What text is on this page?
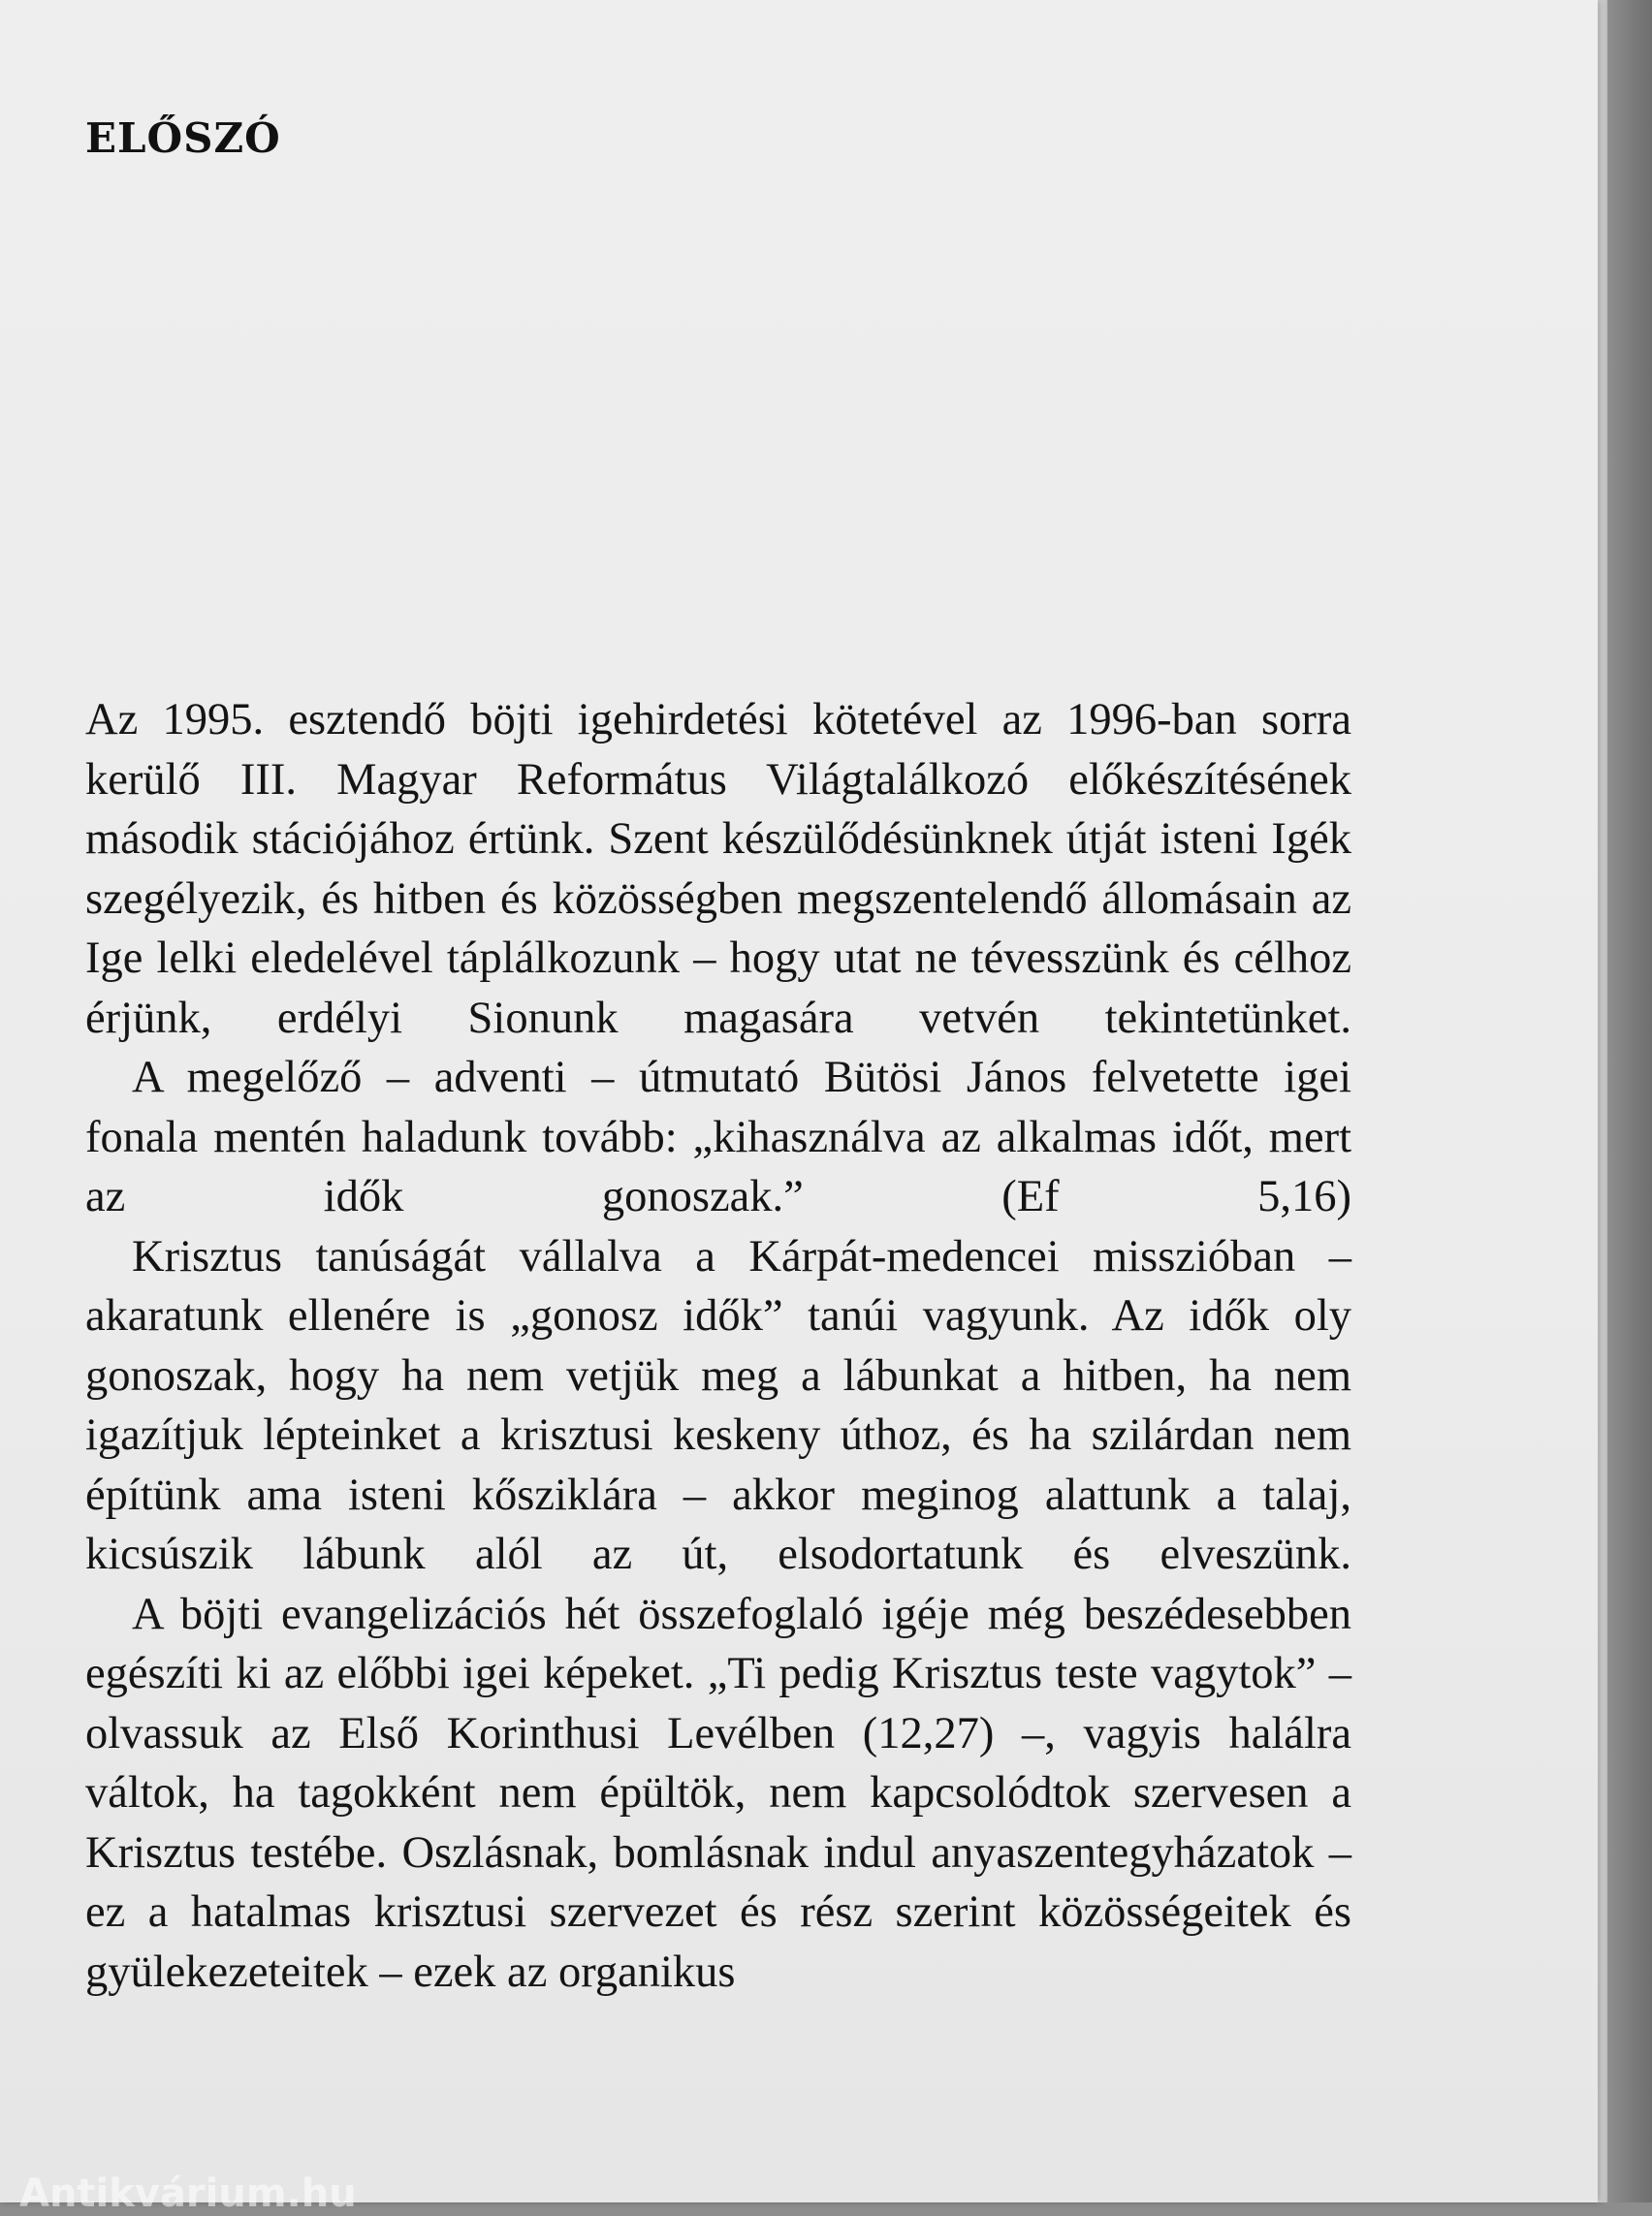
ELŐSZÓ

Az 1995. esztendő böjti igehirdetési kötetével az 1996-ban sorra kerülő III. Magyar Református Világtalálkozó előkészítésének második stációjához értünk. Szent készülődésünknek útját isteni Igék szegélyezik, és hitben és közösségben megszentelendő állomásain az Ige lelki eledelével táplálkozunk – hogy utat ne tévesszünk és célhoz érjünk, erdélyi Sionunk magasára vetvén tekintetünket.

A megelőző – adventi – útmutató Bütösi János felvetette igei fonala mentén haladunk tovább: „kihasználva az alkalmas időt, mert az idők gonoszak.” (Ef 5,16)

Krisztus tanúságát vállalva a Kárpát-medencei misszióban – akaratunk ellenére is „gonosz idők” tanúi vagyunk. Az idők oly gonoszak, hogy ha nem vetjük meg a lábunkat a hitben, ha nem igazítjuk lépteinket a krisztusi keskeny úthoz, és ha szilárdan nem építünk ama isteni kősziklára – akkor meginog alattunk a talaj, kicsúszik lábunk alól az út, elsodortatunk és elveszünk.

A böjti evangelizációs hét összefoglaló igéje még beszédesebben egészíti ki az előbbi igei képeket. „Ti pedig Krisztus teste vagytok” – olvassuk az Első Korinthusi Levélben (12,27) –, vagyis halálra váltok, ha tagokként nem épültök, nem kapcsolódtok szervesen a Krisztus testébe. Oszlásnak, bomlásnak indul anyaszentegyházatok – ez a hatalmas krisztusi szervezet és rész szerint közösségeitek és gyülekezeteitek – ezek az organikus

Antikvárium.hu
